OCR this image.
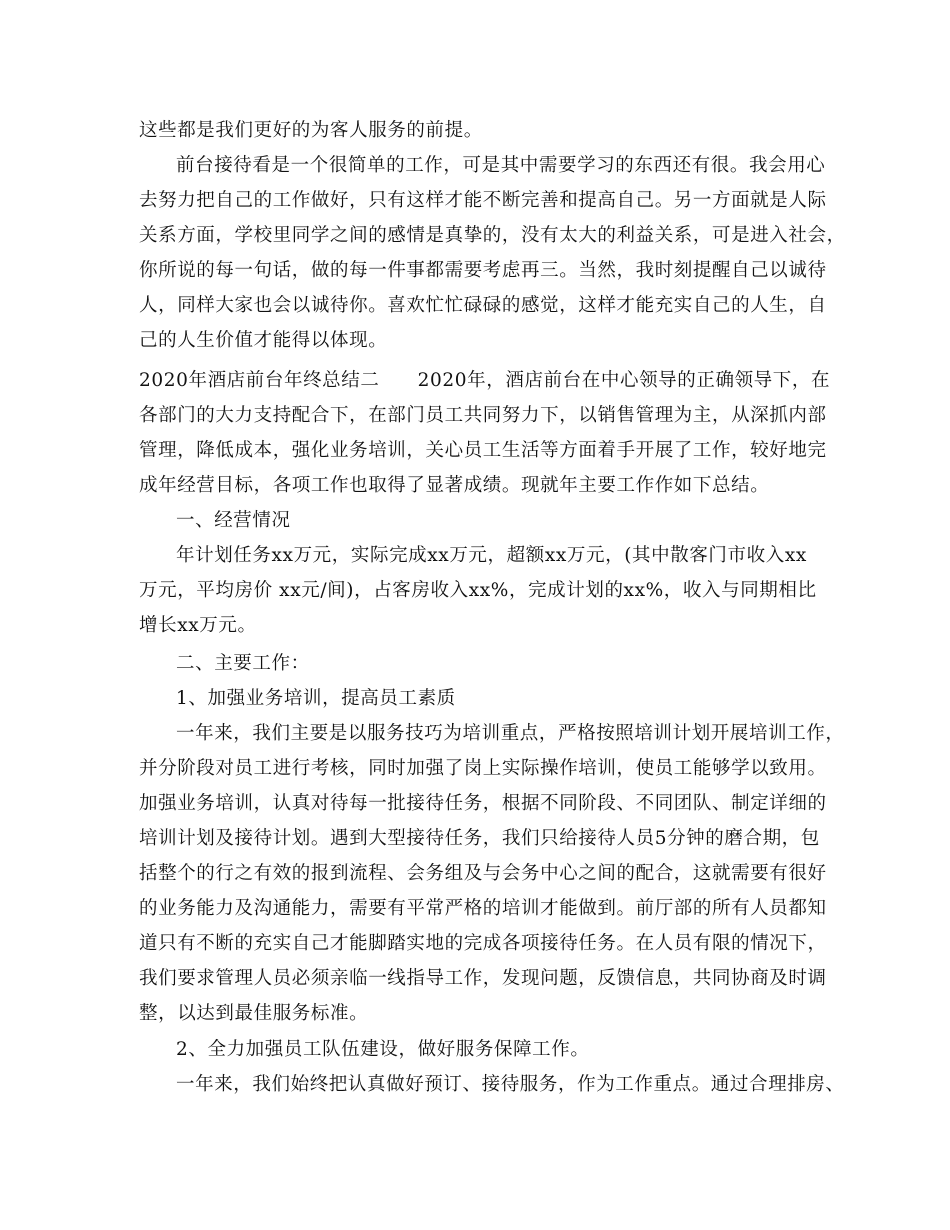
这些都是我们更好的为客人服务的前提。
前台接待看是一个很简单的工作，可是其中需要学习的东西还有很。我会用心
去努力把自己的工作做好，只有这样才能不断完善和提高自己。另一方面就是人际
关系方面，学校里同学之间的感情是真挚的，没有太大的利益关系，可是进入社会，
你所说的每一句话，做的每一件事都需要考虑再三。当然，我时刻提醒自己以诚待
人，同样大家也会以诚待你。喜欢忙忙碌碌的感觉，这样才能充实自己的人生，自
己的人生价值才能得以体现。
2020年酒店前台年终总结二　　2020年，酒店前台在中心领导的正确领导下，在
各部门的大力支持配合下，在部门员工共同努力下，以销售管理为主，从深抓内部
管理，降低成本，强化业务培训，关心员工生活等方面着手开展了工作，较好地完
成年经营目标，各项工作也取得了显著成绩。现就年主要工作作如下总结。
一、经营情况
年计划任务xx万元，实际完成xx万元，超额xx万元，(其中散客门市收入xx
万元，平均房价 xx元/间)，占客房收入xx%，完成计划的xx%，收入与同期相比
增长xx万元。
二、主要工作：
1、加强业务培训，提高员工素质
一年来，我们主要是以服务技巧为培训重点，严格按照培训计划开展培训工作，
并分阶段对员工进行考核，同时加强了岗上实际操作培训，使员工能够学以致用。
加强业务培训，认真对待每一批接待任务，根据不同阶段、不同团队、制定详细的
培训计划及接待计划。遇到大型接待任务，我们只给接待人员5分钟的磨合期，包
括整个的行之有效的报到流程、会务组及与会务中心之间的配合，这就需要有很好
的业务能力及沟通能力，需要有平常严格的培训才能做到。前厅部的所有人员都知
道只有不断的充实自己才能脚踏实地的完成各项接待任务。在人员有限的情况下，
我们要求管理人员必须亲临一线指导工作，发现问题，反馈信息，共同协商及时调
整，以达到最佳服务标准。
2、全力加强员工队伍建设，做好服务保障工作。
一年来，我们始终把认真做好预订、接待服务，作为工作重点。通过合理排房、
